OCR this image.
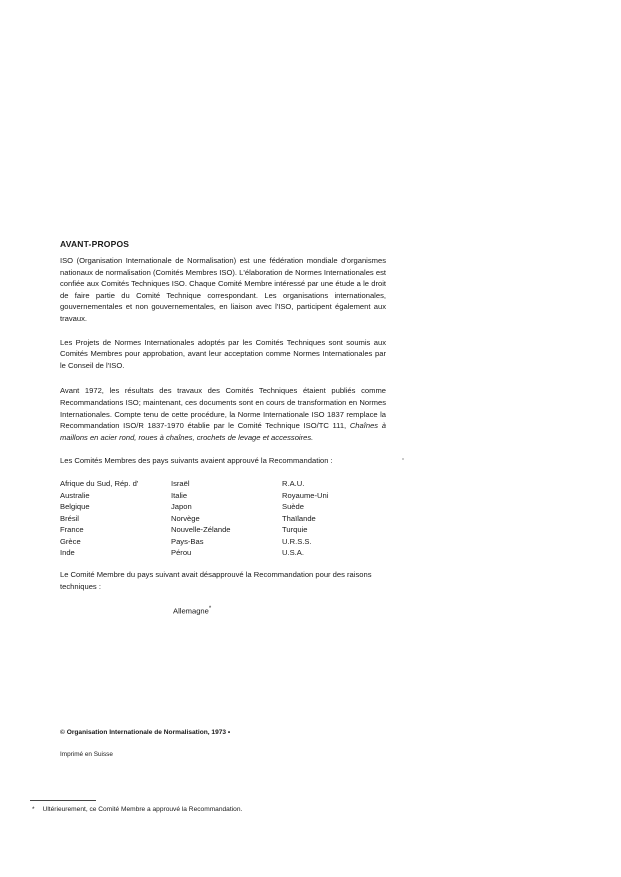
AVANT-PROPOS

ISO (Organisation Internationale de Normalisation) est une fédération mondiale d'organismes nationaux de normalisation (Comités Membres ISO). L'élaboration de Normes Internationales est confiée aux Comités Techniques ISO. Chaque Comité Membre intéressé par une étude a le droit de faire partie du Comité Technique correspondant. Les organisations internationales, gouvernementales et non gouvernementales, en liaison avec l'ISO, participent également aux travaux.

Les Projets de Normes Internationales adoptés par les Comités Techniques sont soumis aux Comités Membres pour approbation, avant leur acceptation comme Normes Internationales par le Conseil de l'ISO.

Avant 1972, les résultats des travaux des Comités Techniques étaient publiés comme Recommandations ISO; maintenant, ces documents sont en cours de transformation en Normes Internationales. Compte tenu de cette procédure, la Norme Internationale ISO 1837 remplace la Recommandation ISO/R 1837-1970 établie par le Comité Technique ISO/TC 111, Chaînes à maillons en acier rond, roues à chaînes, crochets de levage et accessoires.

Les Comités Membres des pays suivants avaient approuvé la Recommandation :

Afrique du Sud, Rép. d'
Australie
Belgique
Brésil
France
Grèce
Inde
Israël
Italie
Japon
Norvège
Nouvelle-Zélande
Pays-Bas
Pérou
R.A.U.
Royaume-Uni
Suède
Thaïlande
Turquie
U.R.S.S.
U.S.A.

Le Comité Membre du pays suivant avait désapprouvé la Recommandation pour des raisons techniques :

Allemagne*
© Organisation Internationale de Normalisation, 1973 •
Imprimé en Suisse
* Ultérieurement, ce Comité Membre a approuvé la Recommandation.
